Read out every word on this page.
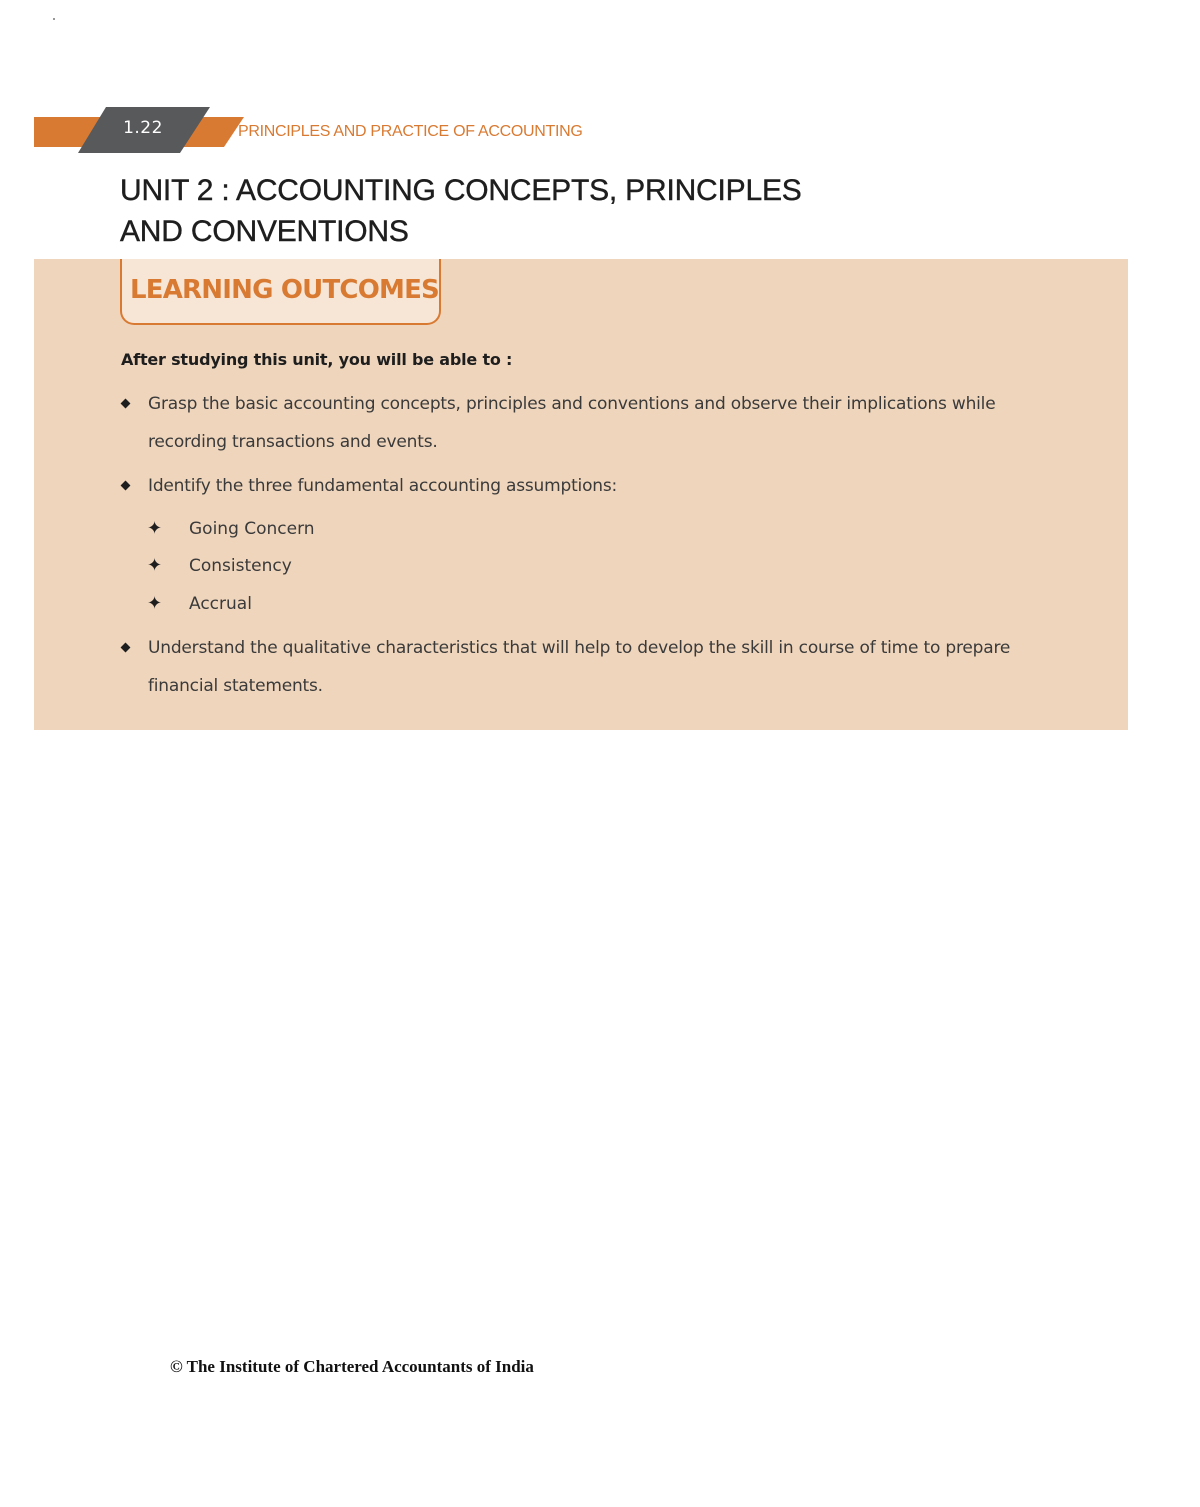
1.22	PRINCIPLES AND PRACTICE OF ACCOUNTING
UNIT 2 : ACCOUNTING CONCEPTS, PRINCIPLES
AND CONVENTIONS
LEARNING OUTCOMES

After studying this unit, you will be able to :

Grasp the basic accounting concepts, principles and conventions and observe their implications while
recording transactions and events.
Identify the three fundamental accounting assumptions:

✦ Going Concern

✦ Consistency

✦ Accrual

Understand the qualitative characteristics that will help to develop the skill in course of time to prepare
financial statements.

© The Institute of Chartered Accountants of India
